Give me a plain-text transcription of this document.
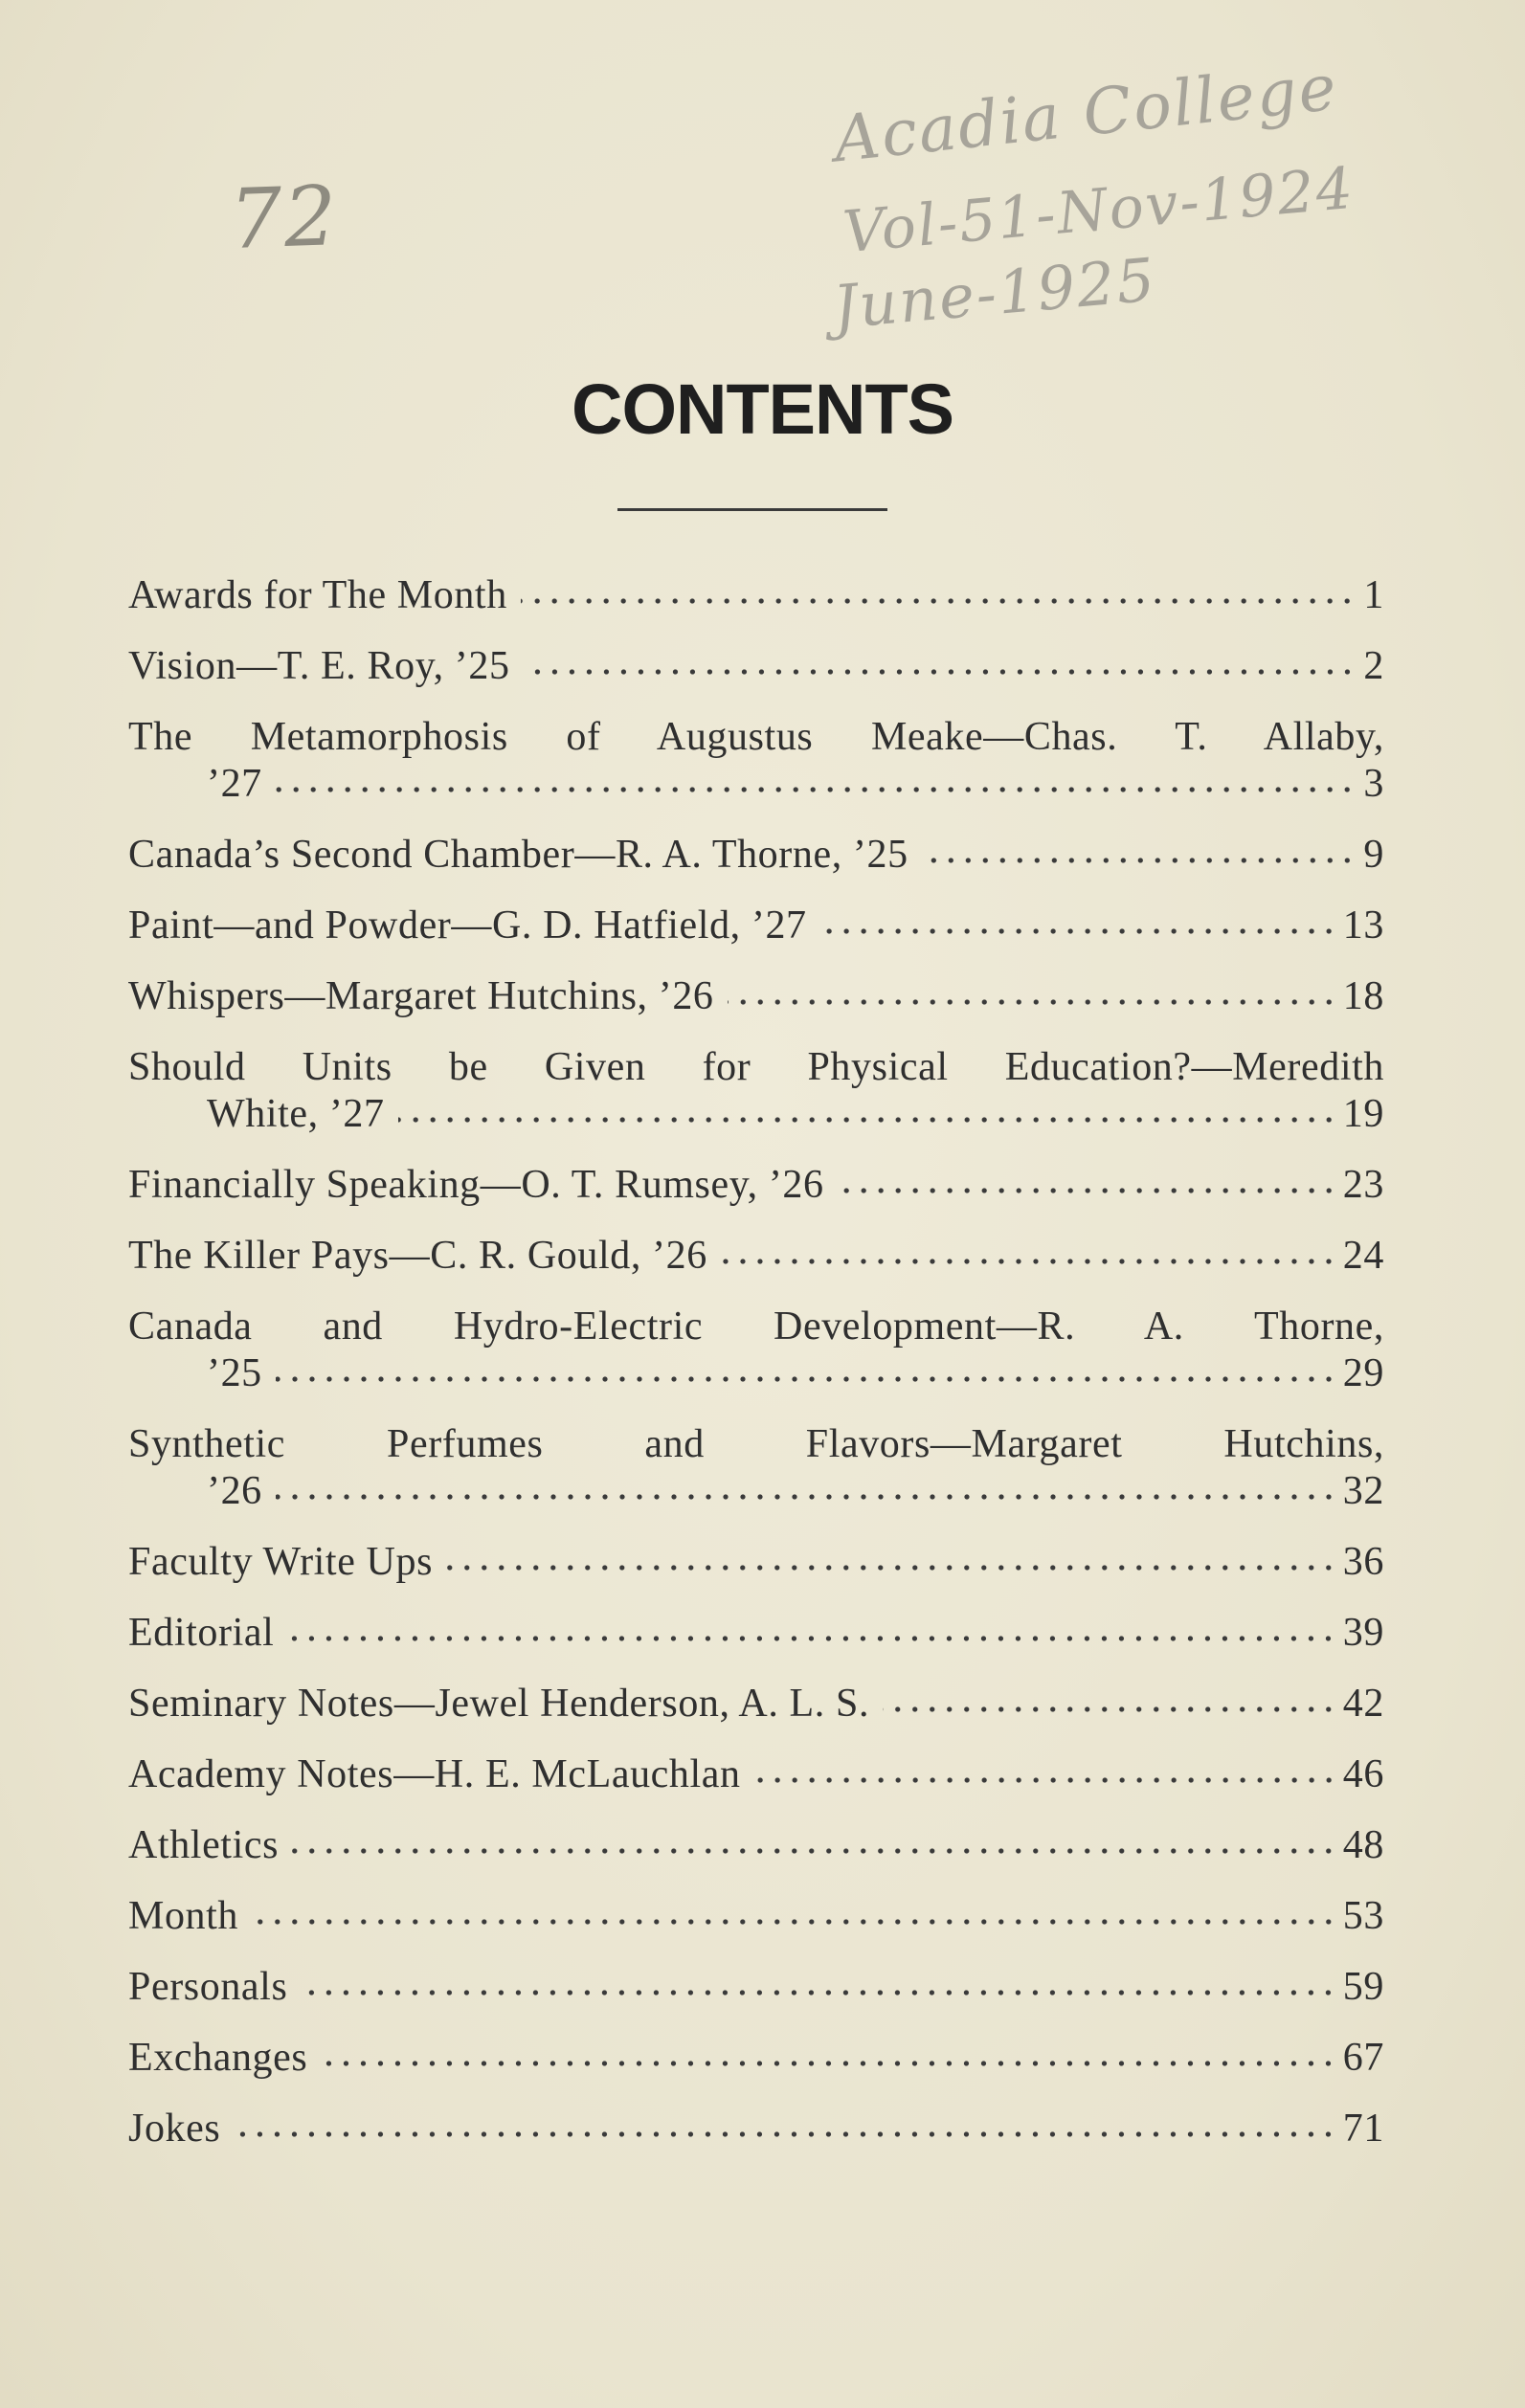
72
Acadia College
Vol-51-Nov-1924
June-1925
CONTENTS
Awards for The Month	1
Vision—T. E. Roy, ’25	2
The Metamorphosis of Augustus Meake—Chas. T. Allaby,
’27	3
Canada’s Second Chamber—R. A. Thorne, ’25	9
Paint—and Powder—G. D. Hatfield, ’27	13
Whispers—Margaret Hutchins, ’26	18
Should Units be Given for Physical Education?—Meredith
White, ’27	19
Financially Speaking—O. T. Rumsey, ’26	23
The Killer Pays—C. R. Gould, ’26	24
Canada and Hydro-Electric Development—R. A. Thorne,
’25	29
Synthetic Perfumes and Flavors—Margaret Hutchins,
’26	32
Faculty Write Ups	36
Editorial	39
Seminary Notes—Jewel Henderson, A. L. S.	42
Academy Notes—H. E. McLauchlan	46
Athletics	48
Month	53
Personals	59
Exchanges	67
Jokes	71
